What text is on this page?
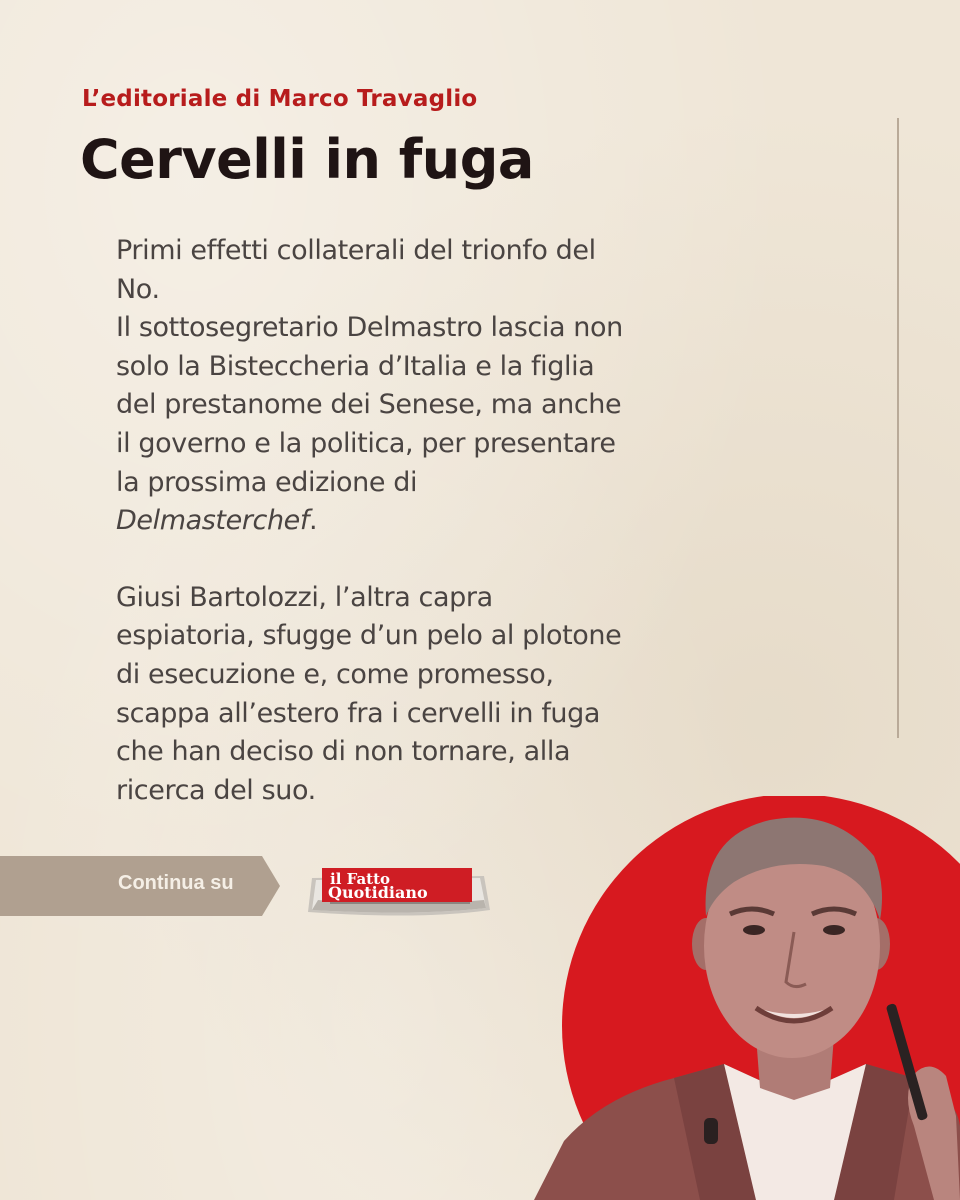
L’editoriale di Marco Travaglio
Cervelli in fuga

Primi effetti collaterali del trionfo del No.
Il sottosegretario Delmastro lascia non solo la Bisteccheria d’Italia e la figlia del prestanome dei Senese, ma anche il governo e la politica, per presentare la prossima edizione di Delmasterchef.

Giusi Bartolozzi, l’altra capra espiatoria, sfugge d’un pelo al plotone di esecuzione e, come promesso, scappa all’estero fra i cervelli in fuga che han deciso di non tornare, alla ricerca del suo.

Continua su	il Fatto
Quotidiano
